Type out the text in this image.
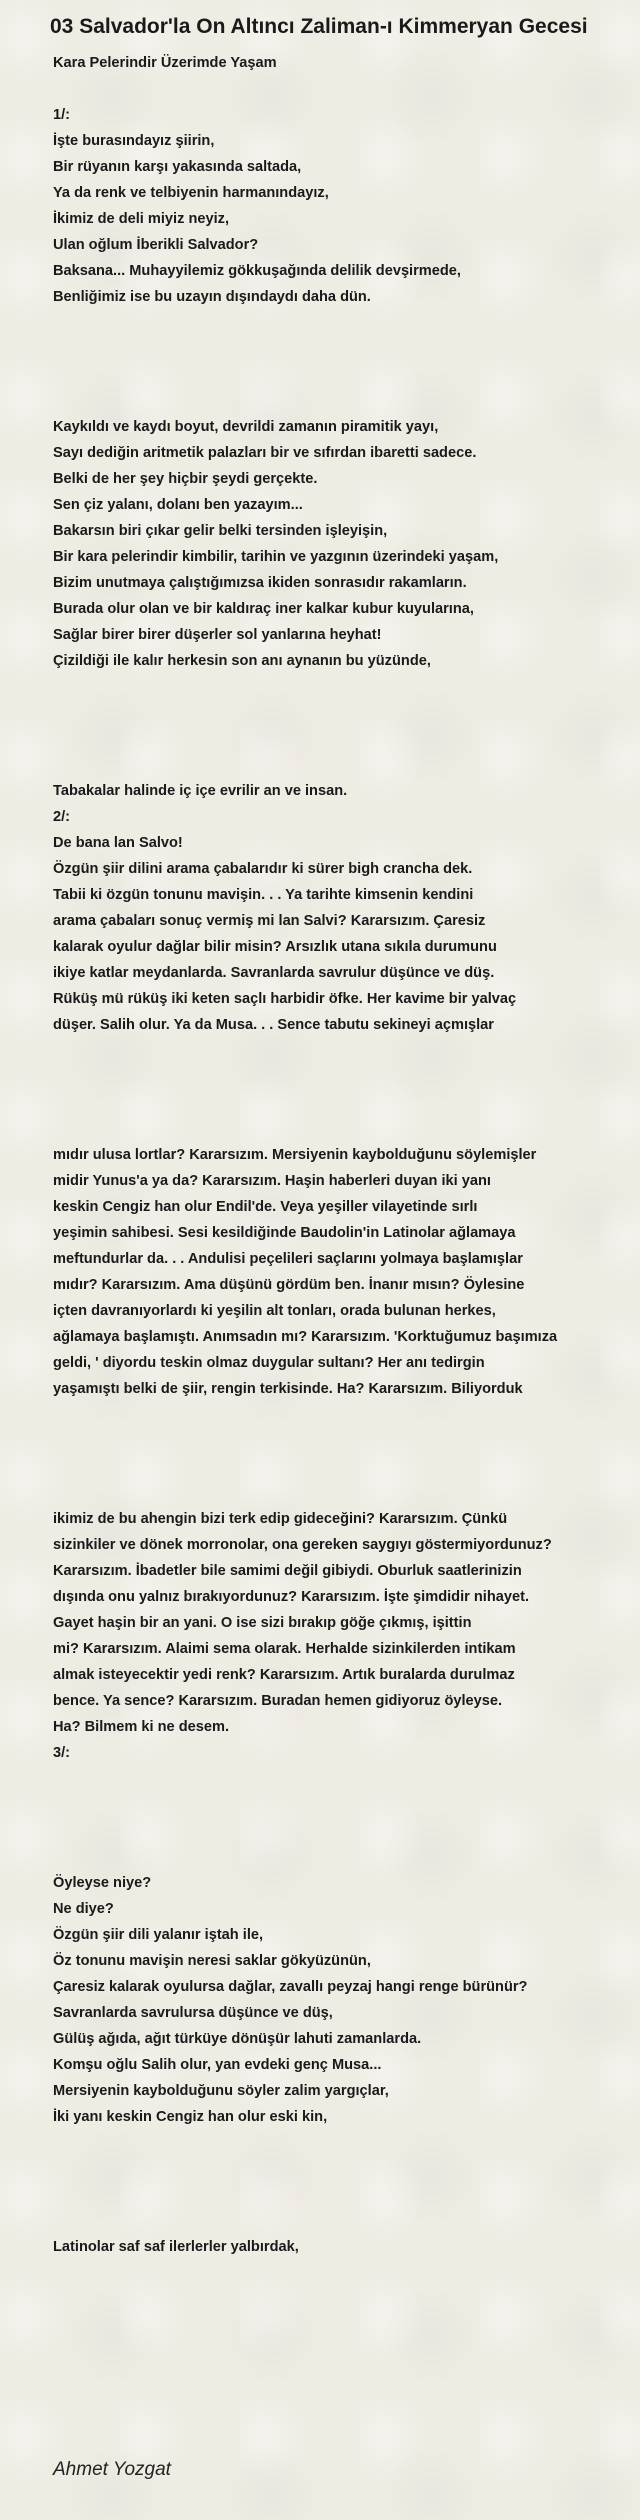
03 Salvador'la On Altıncı Zaliman-ı Kimmeryan Gecesi
Kara Pelerindir Üzerimde Yaşam
1/:
İşte burasındayız şiirin,
Bir rüyanın karşı yakasında saltada,
Ya da renk ve telbiyenin harmanındayız,
İkimiz de deli miyiz neyiz,
Ulan oğlum İberikli Salvador?
Baksana... Muhayyilemiz gökkuşağında delilik devşirmede,
Benliğimiz ise bu uzayın dışındaydı daha dün.
Kaykıldı ve kaydı boyut, devrildi zamanın piramitik yayı,
Sayı dediğin aritmetik palazları bir ve sıfırdan ibaretti sadece.
Belki de her şey hiçbir şeydi gerçekte.
Sen çiz yalanı, dolanı ben yazayım...
Bakarsın biri çıkar gelir belki tersinden işleyişin,
Bir kara pelerindir kimbilir, tarihin ve yazgının üzerindeki yaşam,
Bizim unutmaya çalıştığımızsa ikiden sonrasıdır rakamların.
Burada olur olan ve bir kaldıraç iner kalkar kubur kuyularına,
Sağlar birer birer düşerler sol yanlarına heyhat!
Çizildiği ile kalır herkesin son anı aynanın bu yüzünde,
Tabakalar halinde iç içe evrilir an ve insan.
2/:
De bana lan Salvo!
Özgün şiir dilini arama çabalarıdır ki sürer bigh crancha dek.
Tabii ki özgün tonunu mavişin. . . Ya tarihte kimsenin kendini
arama çabaları sonuç vermiş mi lan Salvi? Kararsızım. Çaresiz
kalarak oyulur dağlar bilir misin? Arsızlık utana sıkıla durumunu
ikiye katlar meydanlarda. Savranlarda savrulur düşünce ve düş.
Rüküş mü rüküş iki keten saçlı harbidir öfke. Her kavime bir yalvaç
düşer. Salih olur. Ya da Musa. . . Sence tabutu sekineyi açmışlar
mıdır ulusa lortlar? Kararsızım. Mersiyenin kaybolduğunu söylemişler
midir Yunus'a ya da? Kararsızım. Haşin haberleri duyan iki yanı
keskin Cengiz han olur Endil'de. Veya yeşiller vilayetinde sırlı
yeşimin sahibesi. Sesi kesildiğinde Baudolin'in Latinolar ağlamaya
meftundurlar da. . . Andulisi peçelileri saçlarını yolmaya başlamışlar
mıdır? Kararsızım. Ama düşünü gördüm ben. İnanır mısın? Öylesine
içten davranıyorlardı ki yeşilin alt tonları, orada bulunan herkes,
ağlamaya başlamıştı. Anımsadın mı? Kararsızım. 'Korktuğumuz başımıza
geldi, ' diyordu teskin olmaz duygular sultanı? Her anı tedirgin
yaşamıştı belki de şiir, rengin terkisinde. Ha? Kararsızım. Biliyorduk
ikimiz de bu ahengin bizi terk edip gideceğini? Kararsızım. Çünkü
sizinkiler ve dönek morronolar, ona gereken saygıyı göstermiyordunuz?
Kararsızım. İbadetler bile samimi değil gibiydi. Oburluk saatlerinizin
dışında onu yalnız bırakıyordunuz? Kararsızım. İşte şimdidir nihayet.
Gayet haşin bir an yani. O ise sizi bırakıp göğe çıkmış, işittin
mi? Kararsızım. Alaimi sema olarak. Herhalde sizinkilerden intikam
almak isteyecektir yedi renk? Kararsızım. Artık buralarda durulmaz
bence. Ya sence? Kararsızım. Buradan hemen gidiyoruz öyleyse.
Ha? Bilmem ki ne desem.
3/:
Öyleyse niye?
Ne diye?
Özgün şiir dili yalanır iştah ile,
Öz tonunu mavişin neresi saklar gökyüzünün,
Çaresiz kalarak oyulursa dağlar, zavallı peyzaj hangi renge bürünür?
Savranlarda savrulursa düşünce ve düş,
Gülüş ağıda, ağıt türküye dönüşür lahuti zamanlarda.
Komşu oğlu Salih olur, yan evdeki genç Musa...
Mersiyenin kaybolduğunu söyler zalim yargıçlar,
İki yanı keskin Cengiz han olur eski kin,
Latinolar saf saf ilerlerler yalbırdak,

Ahmet Yozgat
